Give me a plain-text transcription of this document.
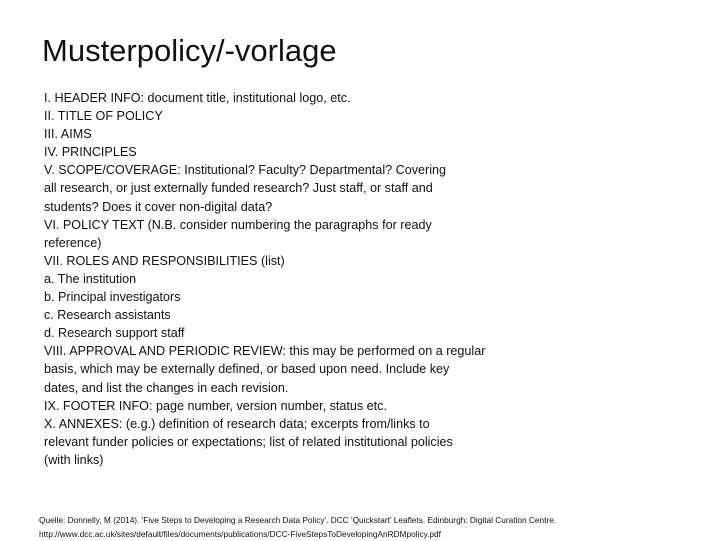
Musterpolicy/-vorlage
I. HEADER INFO: document title, institutional logo, etc.
II. TITLE OF POLICY
III. AIMS
IV. PRINCIPLES
V. SCOPE/COVERAGE: Institutional? Faculty? Departmental? Covering
all research, or just externally funded research? Just staff, or staff and
students? Does it cover non-digital data?
VI. POLICY TEXT (N.B. consider numbering the paragraphs for ready
reference)
VII. ROLES AND RESPONSIBILITIES (list)
a. The institution
b. Principal investigators
c. Research assistants
d. Research support staff
VIII. APPROVAL AND PERIODIC REVIEW: this may be performed on a regular
basis, which may be externally defined, or based upon need. Include key
dates, and list the changes in each revision.
IX. FOOTER INFO: page number, version number, status etc.
X. ANNEXES: (e.g.) definition of research data; excerpts from/links to
relevant funder policies or expectations; list of related institutional policies
(with links)
Quelle: Donnelly, M (2014). 'Five Steps to Developing a Research Data Policy'. DCC 'Quickstart' Leaflets. Edinburgh: Digital Curation Centre.
http://www.dcc.ac.uk/sites/default/files/documents/publications/DCC-FiveStepsToDevelopingAnRDMpolicy.pdf
